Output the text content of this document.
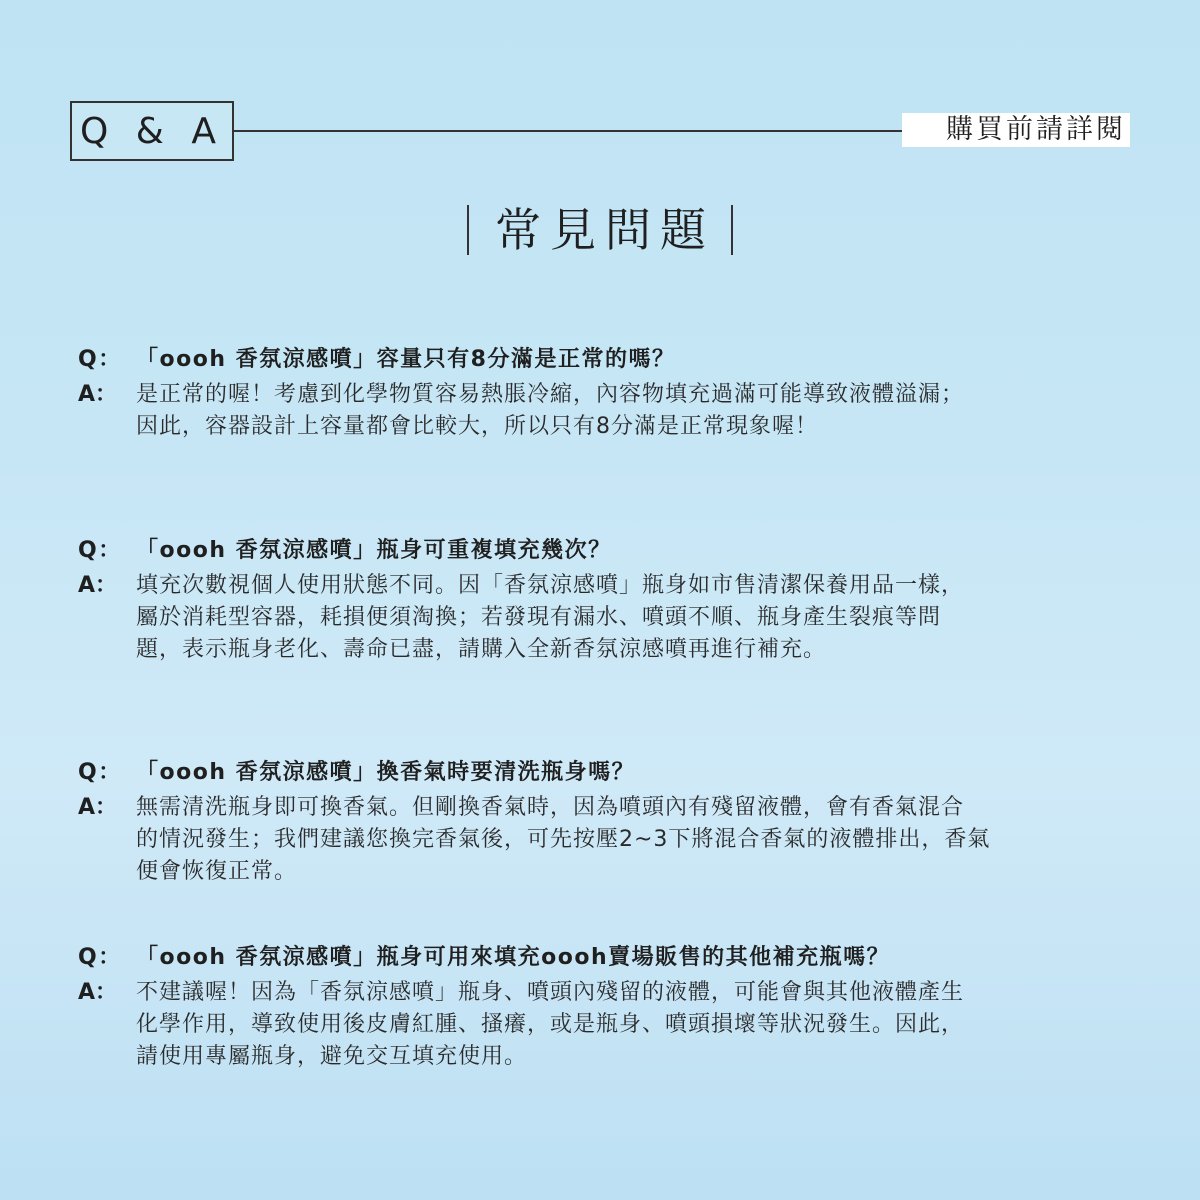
Q & A	購買前請詳閱
常見問題
Q： 「oooh 香氛涼感噴」容量只有8分滿是正常的嗎？
A： 是正常的喔！考慮到化學物質容易熱脹冷縮，內容物填充過滿可能導致液體溢漏；
因此，容器設計上容量都會比較大，所以只有8分滿是正常現象喔！
Q： 「oooh 香氛涼感噴」瓶身可重複填充幾次？
A： 填充次數視個人使用狀態不同。因「香氛涼感噴」瓶身如市售清潔保養用品一樣，
屬於消耗型容器，耗損便須淘換；若發現有漏水、噴頭不順、瓶身產生裂痕等問
題，表示瓶身老化、壽命已盡，請購入全新香氛涼感噴再進行補充。
Q： 「oooh 香氛涼感噴」換香氣時要清洗瓶身嗎？
A： 無需清洗瓶身即可換香氣。但剛換香氣時，因為噴頭內有殘留液體，會有香氣混合
的情況發生；我們建議您換完香氣後，可先按壓2~3下將混合香氣的液體排出，香氣
便會恢復正常。
Q： 「oooh 香氛涼感噴」瓶身可用來填充oooh賣場販售的其他補充瓶嗎？
A： 不建議喔！因為「香氛涼感噴」瓶身、噴頭內殘留的液體，可能會與其他液體產生
化學作用，導致使用後皮膚紅腫、搔癢，或是瓶身、噴頭損壞等狀況發生。因此，
請使用專屬瓶身，避免交互填充使用。
